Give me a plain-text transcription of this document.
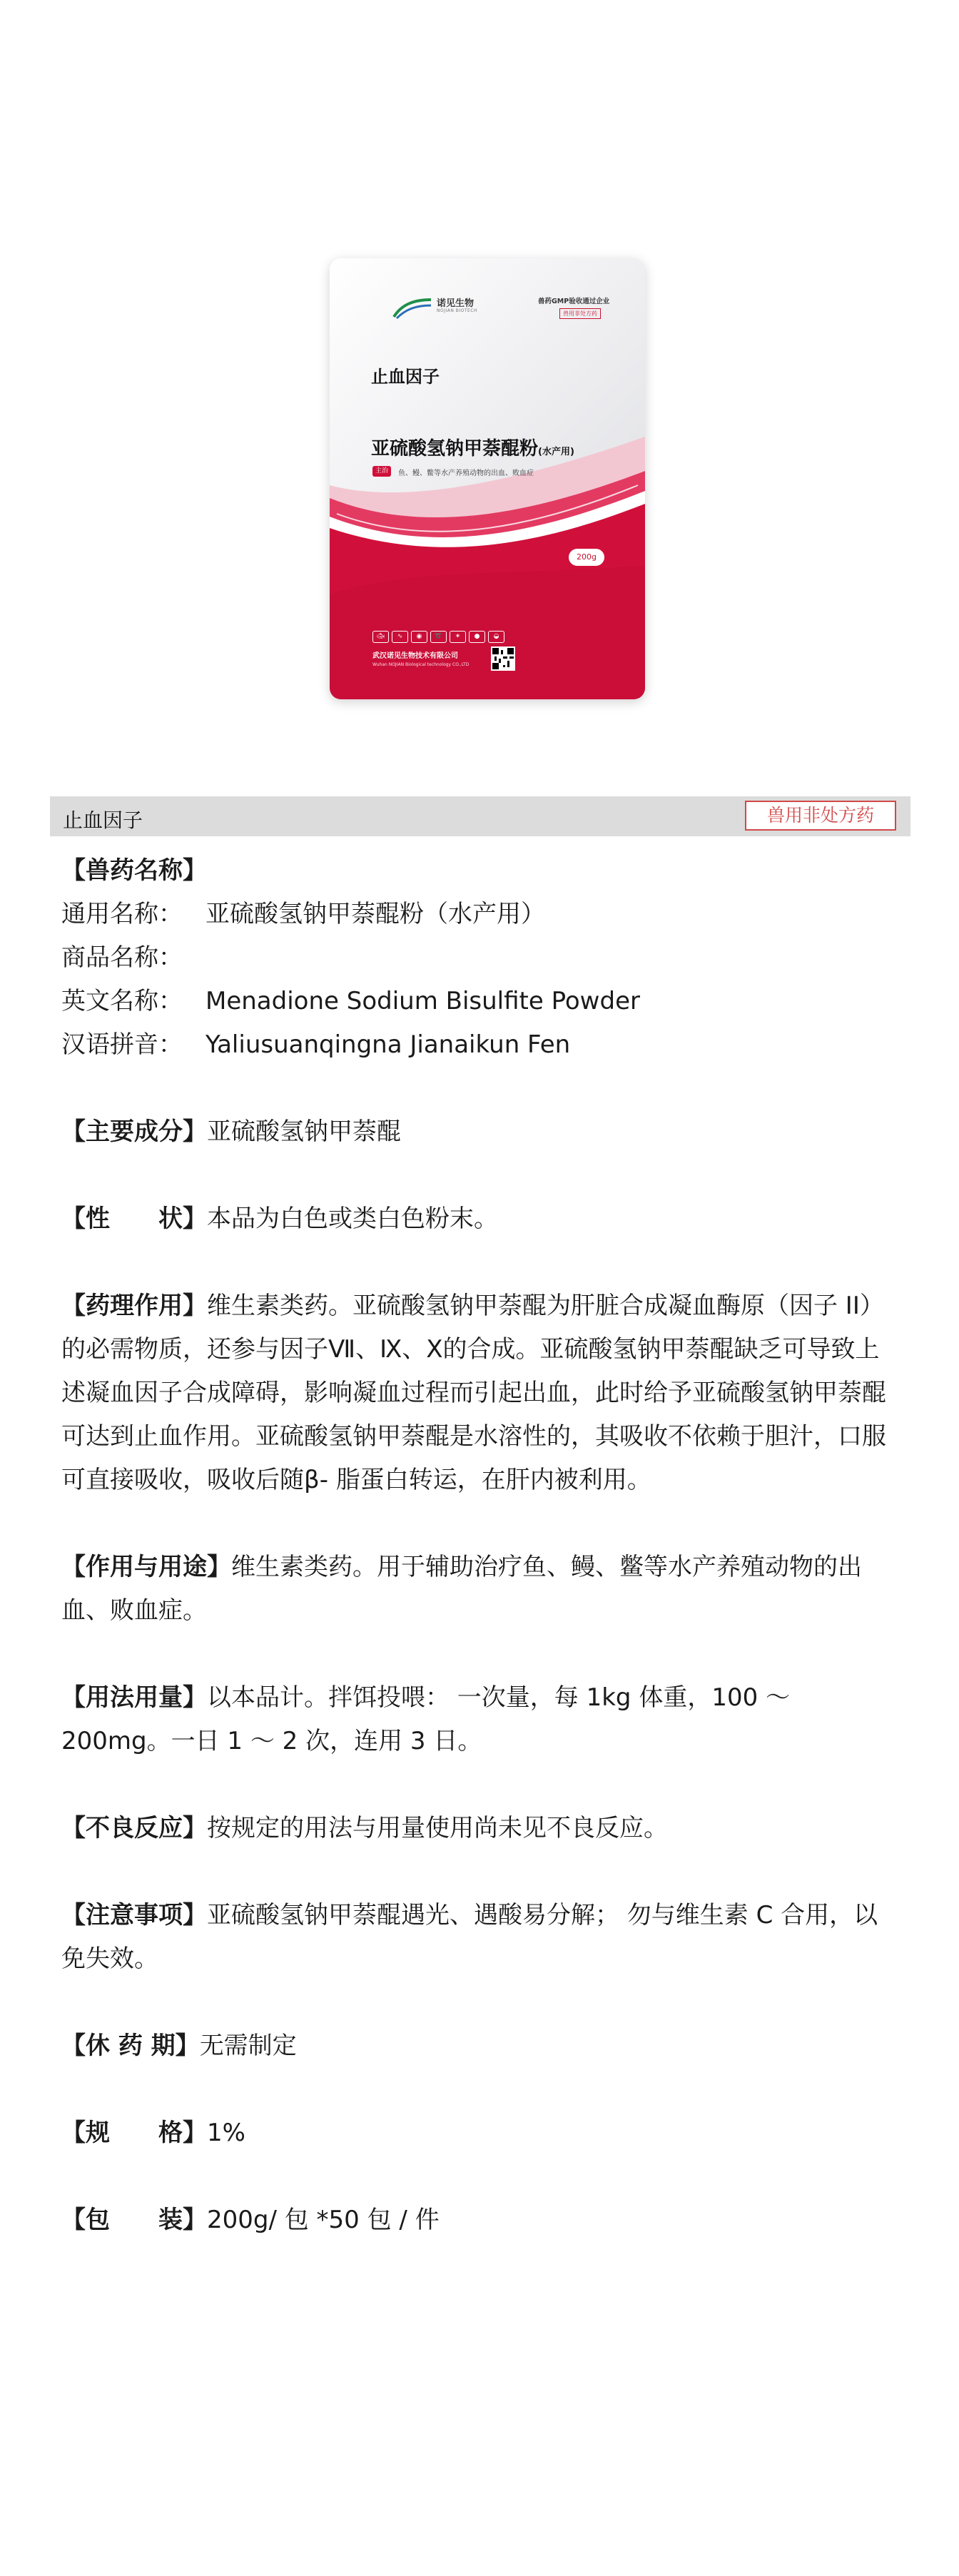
诺见生物
NOJIAN BIOTECH
兽药GMP验收通过企业
兽用非处方药
止血因子
亚硫酸氢钠甲萘醌粉(水产用)
主治	鱼、鳗、鳖等水产养殖动物的出血、败血症
200g
🐟︎	∿	◉	➰	✶	●	◒
武汉诺见生物技术有限公司
Wuhan NOJIAN Biological technology CO.,LTD
止血因子	兽用非处方药
【兽药名称】
通用名称： 亚硫酸氢钠甲萘醌粉（水产用）
商品名称：
英文名称： Menadione Sodium Bisulfite Powder
汉语拼音： Yaliusuanqingna Jianaikun Fen

【主要成分】亚硫酸氢钠甲萘醌

【性　　状】本品为白色或类白色粉末。

【药理作用】维生素类药。亚硫酸氢钠甲萘醌为肝脏合成凝血酶原（因子 II）的必需物质，还参与因子Ⅶ、Ⅸ、Ⅹ的合成。亚硫酸氢钠甲萘醌缺乏可导致上述凝血因子合成障碍，影响凝血过程而引起出血，此时给予亚硫酸氢钠甲萘醌可达到止血作用。亚硫酸氢钠甲萘醌是水溶性的，其吸收不依赖于胆汁，口服可直接吸收，吸收后随β- 脂蛋白转运，在肝内被利用。

【作用与用途】维生素类药。用于辅助治疗鱼、鳗、鳖等水产养殖动物的出血、败血症。

【用法用量】以本品计。拌饵投喂： 一次量，每 1kg 体重，100 ～ 200mg。一日 1 ～ 2 次，连用 3 日。

【不良反应】按规定的用法与用量使用尚未见不良反应。

【注意事项】亚硫酸氢钠甲萘醌遇光、遇酸易分解； 勿与维生素 C 合用，以免失效。

【休 药 期】无需制定

【规　　格】1%

【包　　装】200g/ 包 *50 包 / 件
